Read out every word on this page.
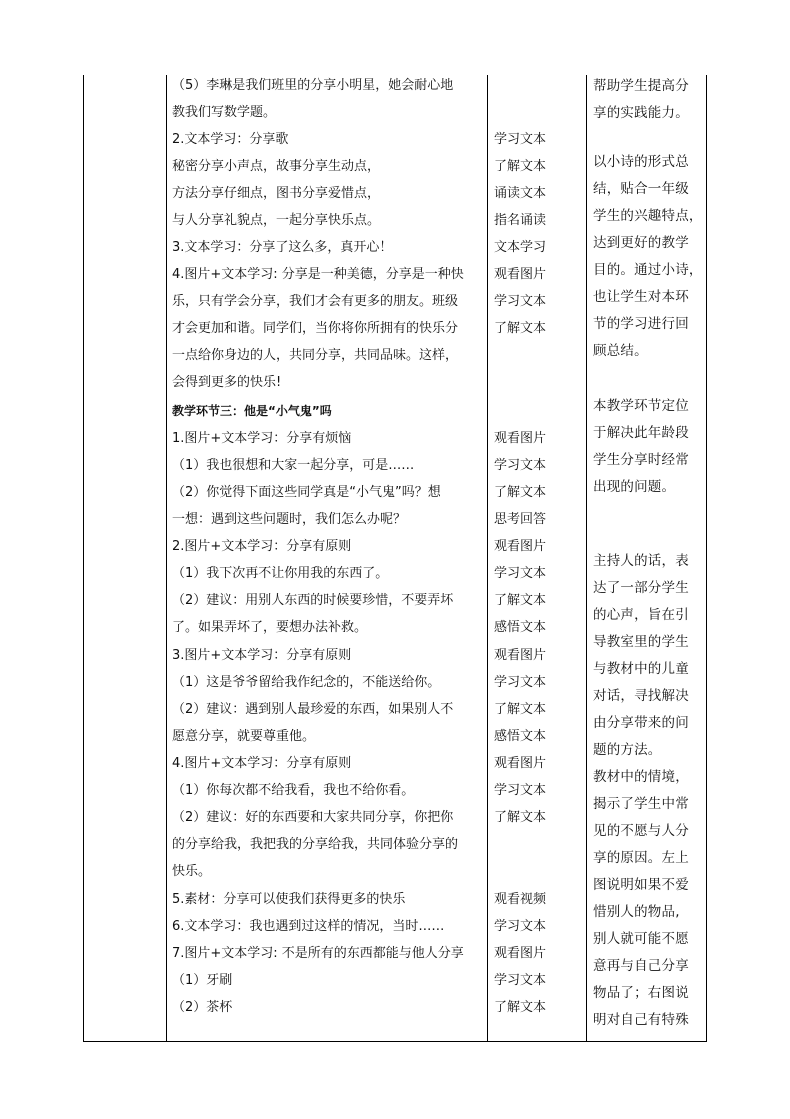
（5）李琳是我们班里的分享小明星，她会耐心地
教我们写数学题。
2.文本学习：分享歌
秘密分享小声点，故事分享生动点，
方法分享仔细点，图书分享爱惜点，
与人分享礼貌点，一起分享快乐点。
3.文本学习：分享了这么多，真开心！
4.图片+文本学习: 分享是一种美德，分享是一种快
乐，只有学会分享，我们才会有更多的朋友。班级
才会更加和谐。同学们，当你将你所拥有的快乐分
一点给你身边的人，共同分享，共同品味。这样，
会得到更多的快乐!
教学环节三：他是“小气鬼”吗
1.图片+文本学习：分享有烦恼
（1）我也很想和大家一起分享，可是……
（2）你觉得下面这些同学真是“小气鬼”吗？想
一想：遇到这些问题时，我们怎么办呢？
2.图片+文本学习：分享有原则
（1）我下次再不让你用我的东西了。
（2）建议：用别人东西的时候要珍惜，不要弄坏
了。如果弄坏了，要想办法补救。
3.图片+文本学习：分享有原则
（1）这是爷爷留给我作纪念的，不能送给你。
（2）建议：遇到别人最珍爱的东西，如果别人不
愿意分享，就要尊重他。
4.图片+文本学习：分享有原则
（1）你每次都不给我看，我也不给你看。
（2）建议：好的东西要和大家共同分享，你把你
的分享给我，我把我的分享给我，共同体验分享的
快乐。
5.素材：分享可以使我们获得更多的快乐
6.文本学习：我也遇到过这样的情况，当时……
7.图片+文本学习: 不是所有的东西都能与他人分享
（1）牙刷
（2）茶杯
学习文本
了解文本
诵读文本
指名诵读
文本学习
观看图片
学习文本
了解文本
观看图片
学习文本
了解文本
思考回答
观看图片
学习文本
了解文本
感悟文本
观看图片
学习文本
了解文本
感悟文本
观看图片
学习文本
了解文本
观看视频
学习文本
观看图片
学习文本
了解文本
帮助学生提高分
享的实践能力。
以小诗的形式总
结，贴合一年级
学生的兴趣特点，
达到更好的教学
目的。通过小诗，
也让学生对本环
节的学习进行回
顾总结。
本教学环节定位
于解决此年龄段
学生分享时经常
出现的问题。
主持人的话，表
达了一部分学生
的心声，旨在引
导教室里的学生
与教材中的儿童
对话，寻找解决
由分享带来的问
题的方法。
教材中的情境，
揭示了学生中常
见的不愿与人分
享的原因。左上
图说明如果不爱
惜别人的物品,
别人就可能不愿
意再与自己分享
物品了；右图说
明对自己有特殊
